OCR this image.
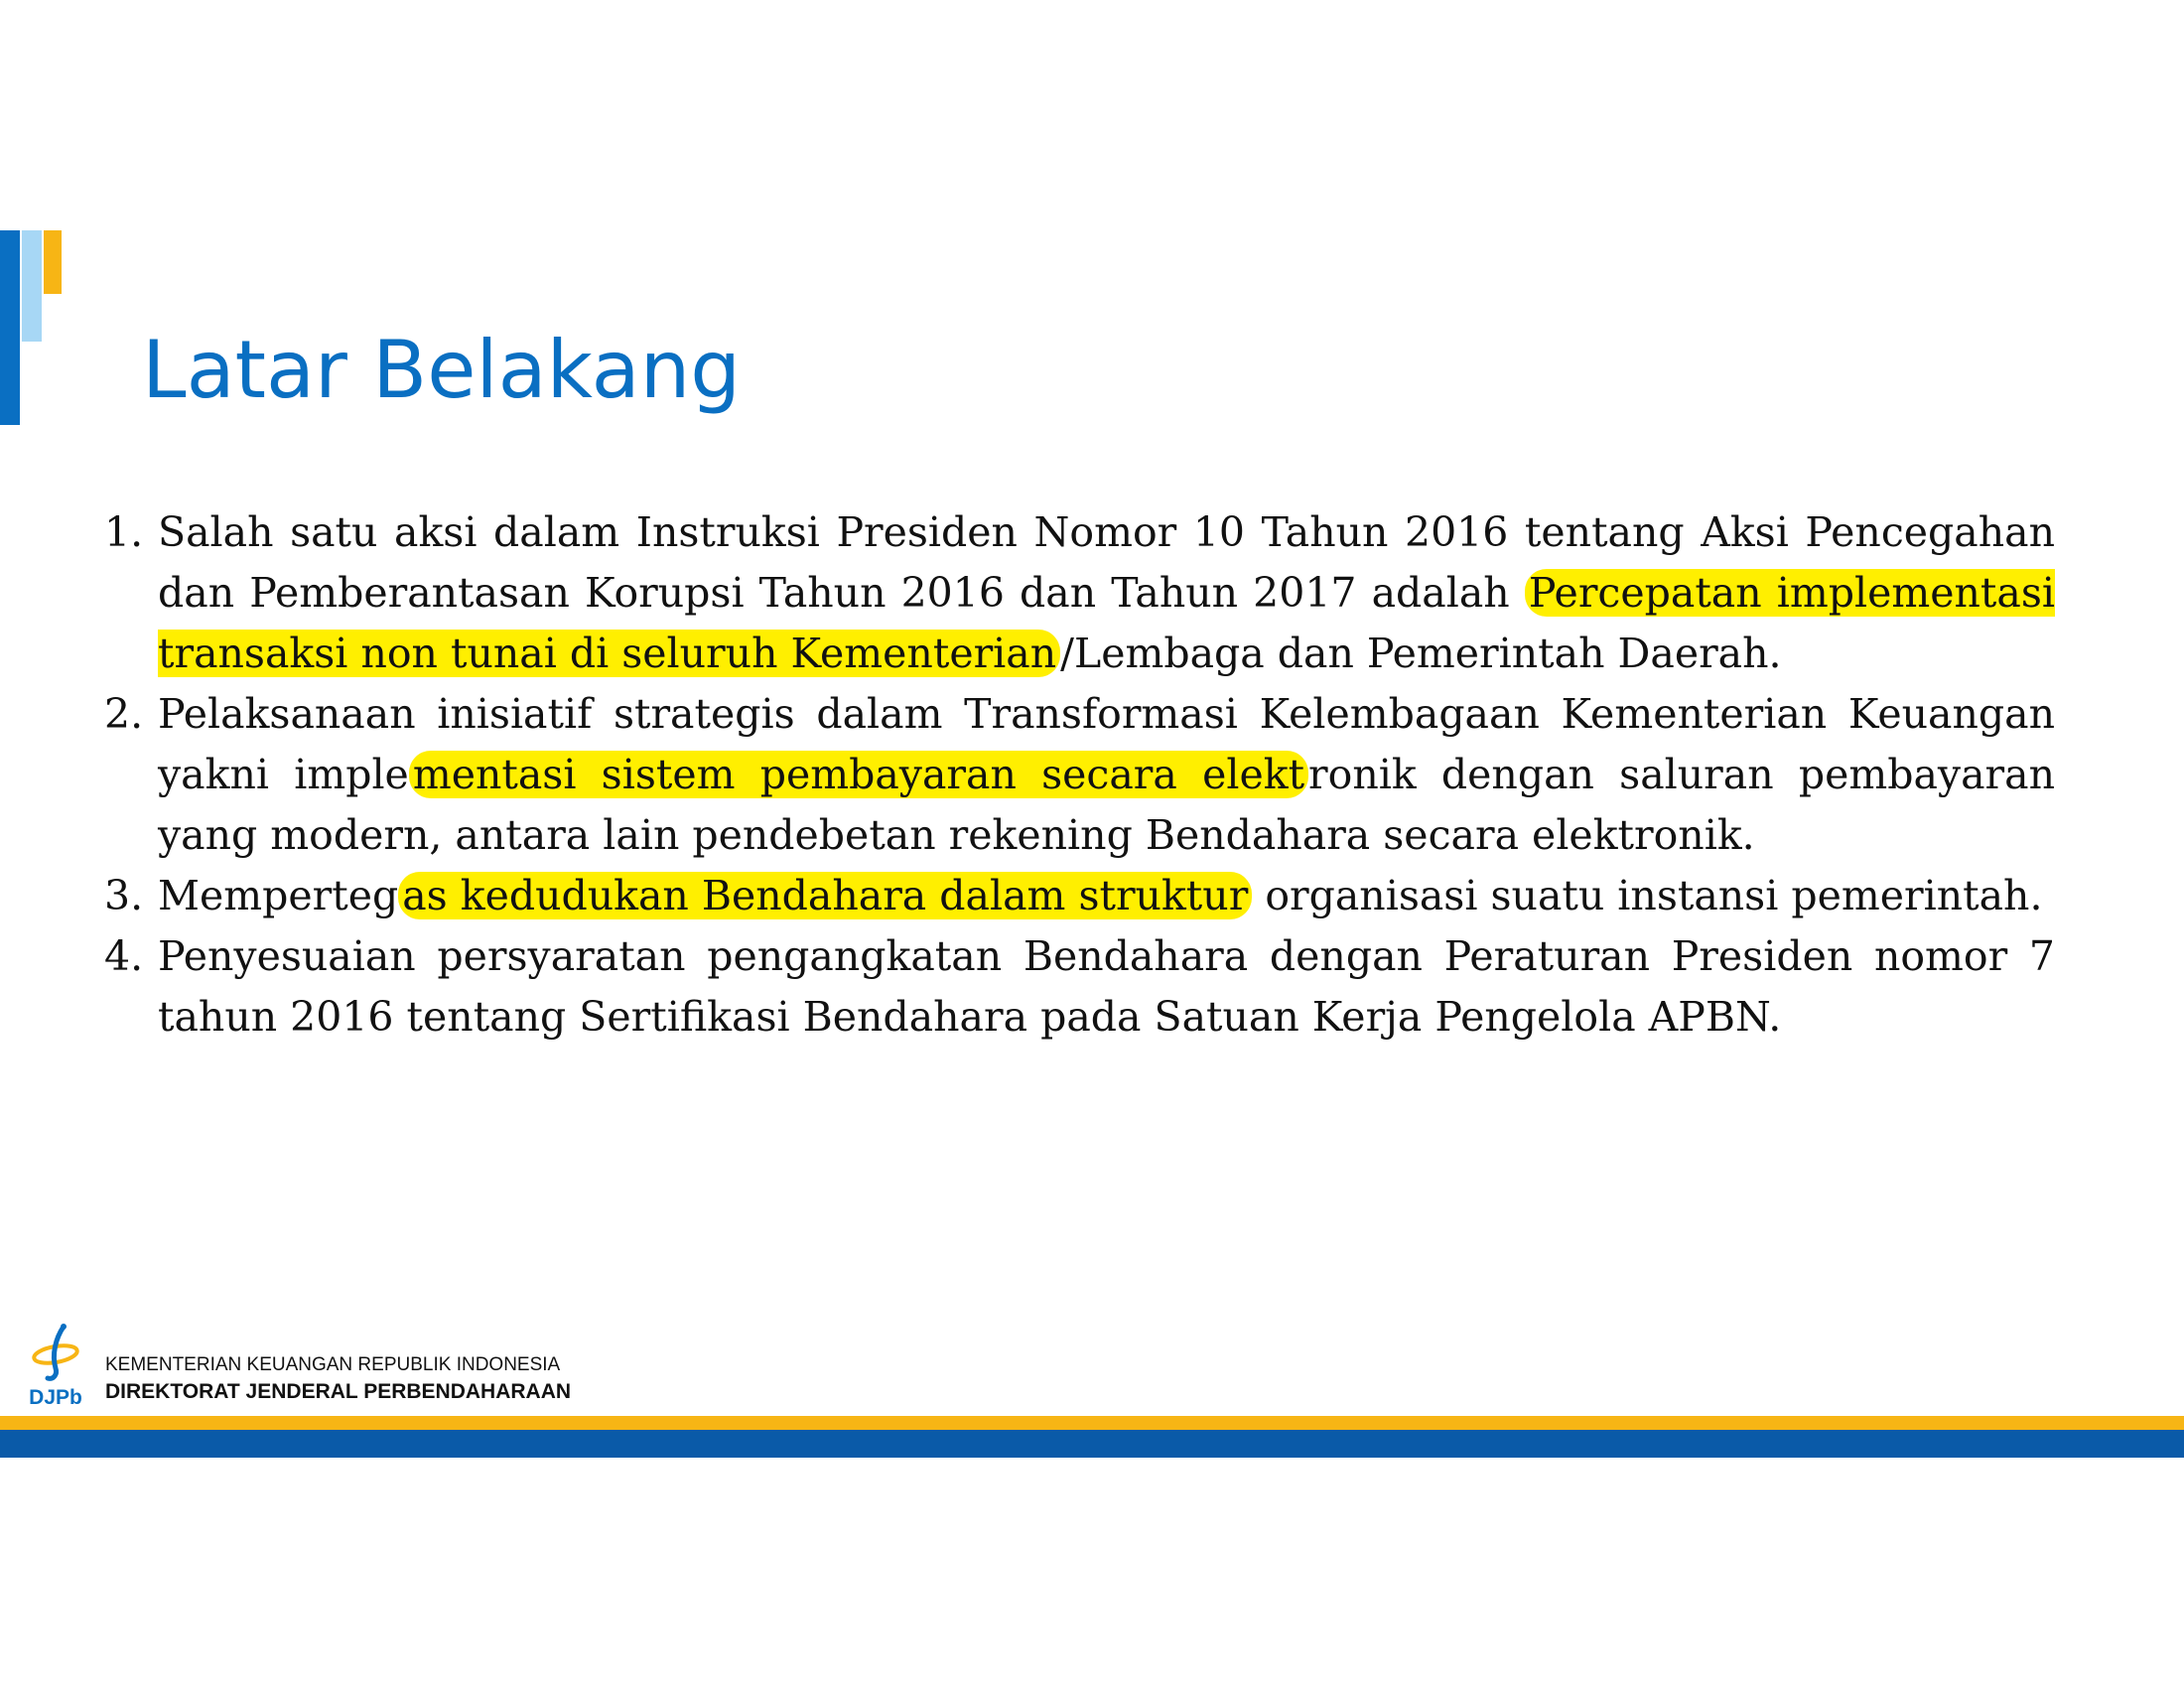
Latar Belakang
1. Salah satu aksi dalam Instruksi Presiden Nomor 10 Tahun 2016 tentang Aksi Pencegahan dan Pemberantasan Korupsi Tahun 2016 dan Tahun 2017 adalah Percepatan implementasi transaksi non tunai di seluruh Kementerian/Lembaga dan Pemerintah Daerah.
2. Pelaksanaan inisiatif strategis dalam Transformasi Kelembagaan Kementerian Keuangan yakni implementasi sistem pembayaran secara elektronik dengan saluran pembayaran yang modern, antara lain pendebetan rekening Bendahara secara elektronik.
3. Mempertegas kedudukan Bendahara dalam struktur organisasi suatu instansi pemerintah.
4. Penyesuaian persyaratan pengangkatan Bendahara dengan Peraturan Presiden nomor 7 tahun 2016 tentang Sertifikasi Bendahara pada Satuan Kerja Pengelola APBN.
DJPb
KEMENTERIAN KEUANGAN REPUBLIK INDONESIA
DIREKTORAT JENDERAL PERBENDAHARAAN
